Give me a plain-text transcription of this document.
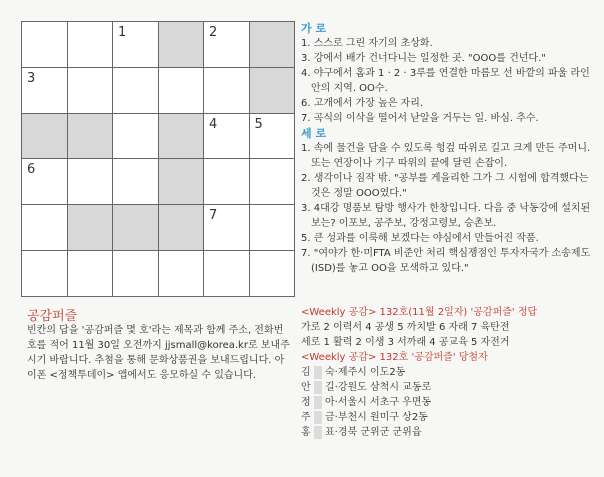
1	2
3
4	5
6
7
가 로
1. 스스로 그린 자기의 초상화.
3. 강에서 배가 건너다니는 일정한 곳. "OOO를 건넌다."
4. 야구에서 홈과 1 · 2 · 3루를 연결한 마름모 선 바깥의 파울 라인 안의 지역. OO수.
6. 고개에서 가장 높은 자리.
7. 곡식의 이삭을 떨어서 낟알을 거두는 일. 바심. 추수.
세 로
1. 속에 물건을 담을 수 있도록 헝겊 따위로 길고 크게 만든 주머니. 또는 연장이나 기구 따위의 끝에 달린 손잡이.
2. 생각이나 짐작 밖. "공부를 게을리한 그가 그 시험에 합격했다는 것은 정말 OOO였다."
3. 4대강 명품보 탐방 행사가 한창입니다. 다음 중 낙동강에 설치된 보는? 이포보, 공주보, 강정고령보, 승촌보.
5. 큰 성과를 이룩해 보겠다는 야심에서 만들어진 작품.
7. "여야가 한·미FTA 비준안 처리 핵심쟁점인 투자자국가 소송제도(ISD)를 놓고 OO을 모색하고 있다."
공감퍼즐
빈칸의 답을 '공감퍼즐 몇 호'라는 제목과 함께 주소, 전화번호를 적어 11월 30일 오전까지 jjsmall@korea.kr로 보내주시기 바랍니다. 추첨을 통해 문화상품권을 보내드립니다. 아이폰 <정책투데이> 앱에서도 응모하실 수 있습니다.
<Weekly 공감> 132호(11월 2일자) '공감퍼즐' 정답
가로 2 이력서 4 공생 5 까치발 6 자래 7 육탄전
세로 1 활력 2 이생 3 서까래 4 공교육 5 자전거
<Weekly 공감> 132호 '공감퍼즐' 당첨자
김 숙·제주시 이도2동
안 길·강원도 삼척시 교동로
정 아·서울시 서초구 우면동
주 금·부천시 원미구 상2동
홍 표·경북 군위군 군위읍
